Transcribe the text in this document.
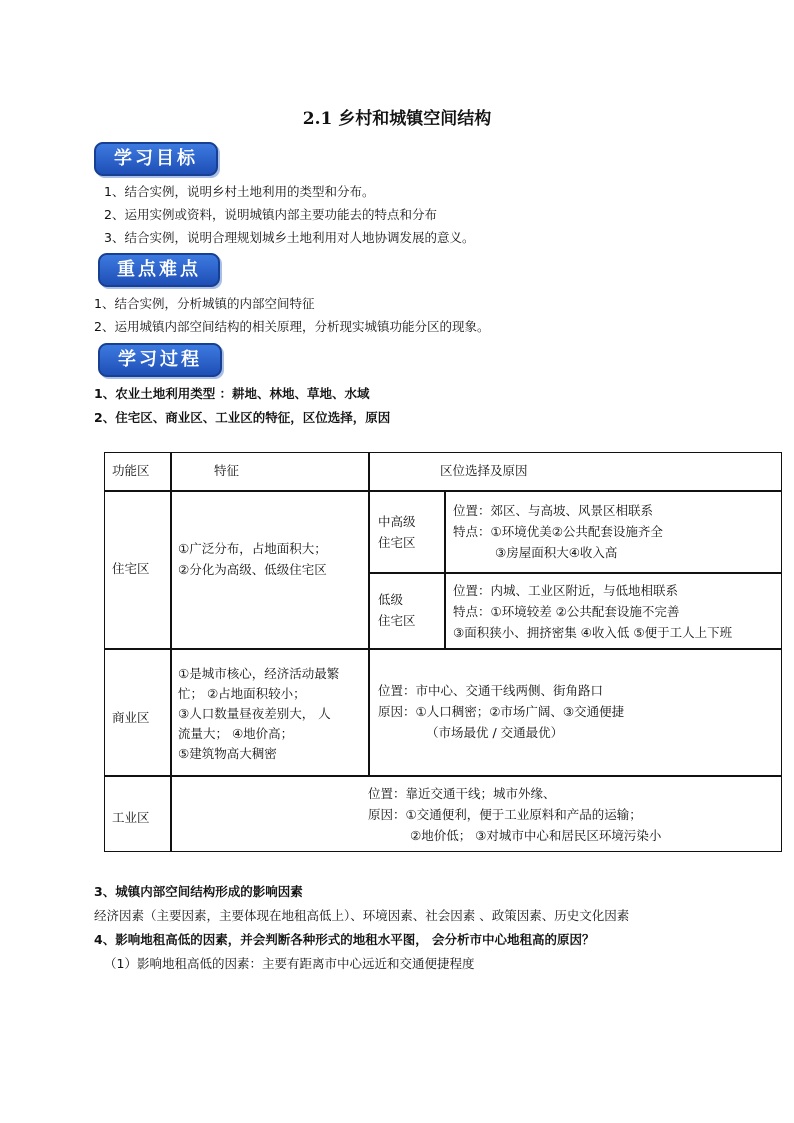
2.1 乡村和城镇空间结构
学习目标
1、结合实例，说明乡村土地利用的类型和分布。
2、运用实例或资料，说明城镇内部主要功能去的特点和分布
3、结合实例，说明合理规划城乡土地利用对人地协调发展的意义。
重点难点
1、结合实例，分析城镇的内部空间特征
2、运用城镇内部空间结构的相关原理，分析现实城镇功能分区的现象。
学习过程
1、农业土地利用类型 ：耕地、林地、草地、水域
2、住宅区、商业区、工业区的特征，区位选择，原因
功能区	特征	区位选择及原因
住宅区
①广泛分布，占地面积大；
②分化为高级、低级住宅区
中高级
住宅区
位置：郊区、与高坡、风景区相联系
特点：①环境优美②公共配套设施齐全
③房屋面积大④收入高
低级
住宅区
位置：内城、工业区附近，与低地相联系
特点：①环境较差 ②公共配套设施不完善
③面积狭小、拥挤密集 ④收入低 ⑤便于工人上下班
商业区
①是城市核心，经济活动最繁
忙； ②占地面积较小；
③人口数量昼夜差别大， 人
流量大； ④地价高；
⑤建筑物高大稠密
位置：市中心、交通干线两侧、街角路口
原因：①人口稠密；②市场广阔、③交通便捷
（市场最优 / 交通最优）
工业区
位置：靠近交通干线；城市外缘、
原因：①交通便利，便于工业原料和产品的运输；
②地价低； ③对城市中心和居民区环境污染小
3、城镇内部空间结构形成的影响因素
经济因素（主要因素，主要体现在地租高低上）、环境因素、社会因素 、政策因素、历史文化因素
4、影响地租高低的因素，并会判断各种形式的地租水平图， 会分析市中心地租高的原因？
（1）影响地租高低的因素：主要有距离市中心远近和交通便捷程度
